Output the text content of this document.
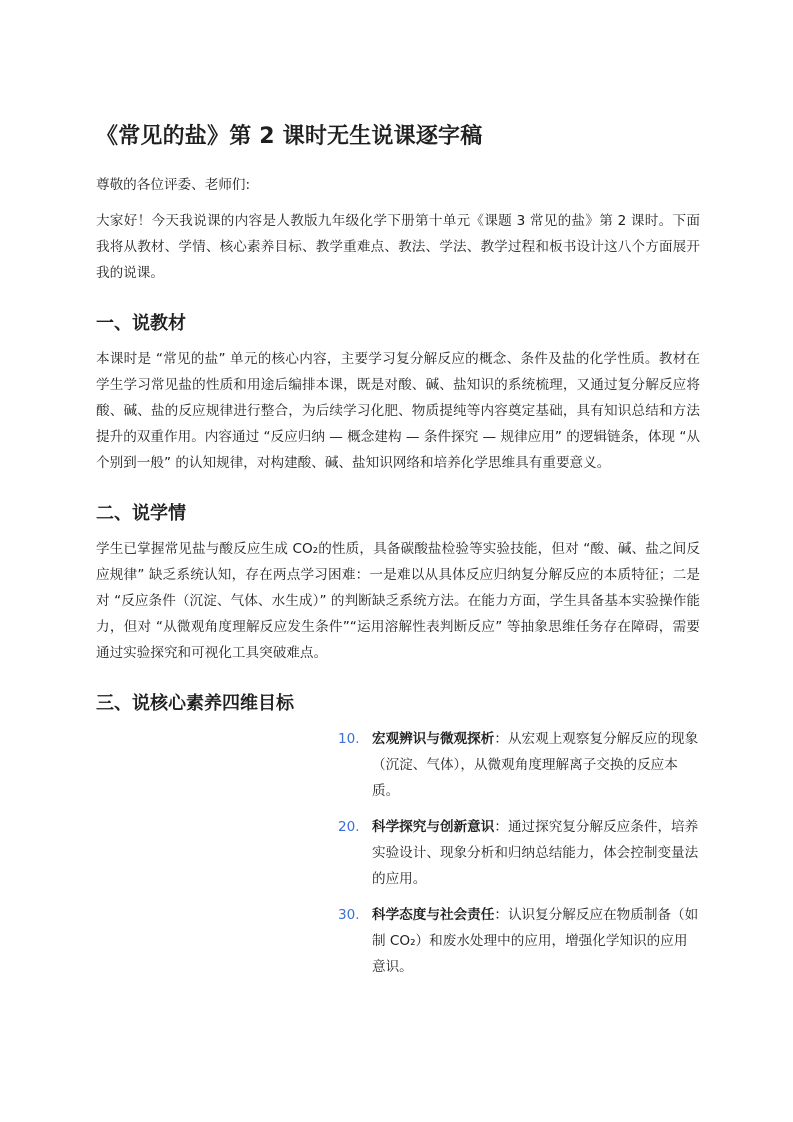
《常见的盐》第 2 课时无生说课逐字稿

尊敬的各位评委、老师们:

大家好！今天我说课的内容是人教版九年级化学下册第十单元《课题 3 常见的盐》第 2 课时。下面我将从教材、学情、核心素养目标、教学重难点、教法、学法、教学过程和板书设计这八个方面展开我的说课。

一、说教材

本课时是 “常见的盐” 单元的核心内容，主要学习复分解反应的概念、条件及盐的化学性质。教材在学生学习常见盐的性质和用途后编排本课，既是对酸、碱、盐知识的系统梳理，又通过复分解反应将酸、碱、盐的反应规律进行整合，为后续学习化肥、物质提纯等内容奠定基础，具有知识总结和方法提升的双重作用。内容通过 “反应归纳 — 概念建构 — 条件探究 — 规律应用” 的逻辑链条，体现 “从个别到一般” 的认知规律，对构建酸、碱、盐知识网络和培养化学思维具有重要意义。

二、说学情

学生已掌握常见盐与酸反应生成 CO₂的性质，具备碳酸盐检验等实验技能，但对 “酸、碱、盐之间反应规律” 缺乏系统认知，存在两点学习困难：一是难以从具体反应归纳复分解反应的本质特征；二是对 “反应条件（沉淀、气体、水生成）” 的判断缺乏系统方法。在能力方面，学生具备基本实验操作能力，但对 “从微观角度理解反应发生条件”“运用溶解性表判断反应” 等抽象思维任务存在障碍，需要通过实验探究和可视化工具突破难点。

三、说核心素养四维目标
10. 宏观辨识与微观探析：从宏观上观察复分解反应的现象（沉淀、气体），从微观角度理解离子交换的反应本质。
20. 科学探究与创新意识：通过探究复分解反应条件，培养实验设计、现象分析和归纳总结能力，体会控制变量法的应用。
30. 科学态度与社会责任：认识复分解反应在物质制备（如制 CO₂）和废水处理中的应用，增强化学知识的应用意识。
